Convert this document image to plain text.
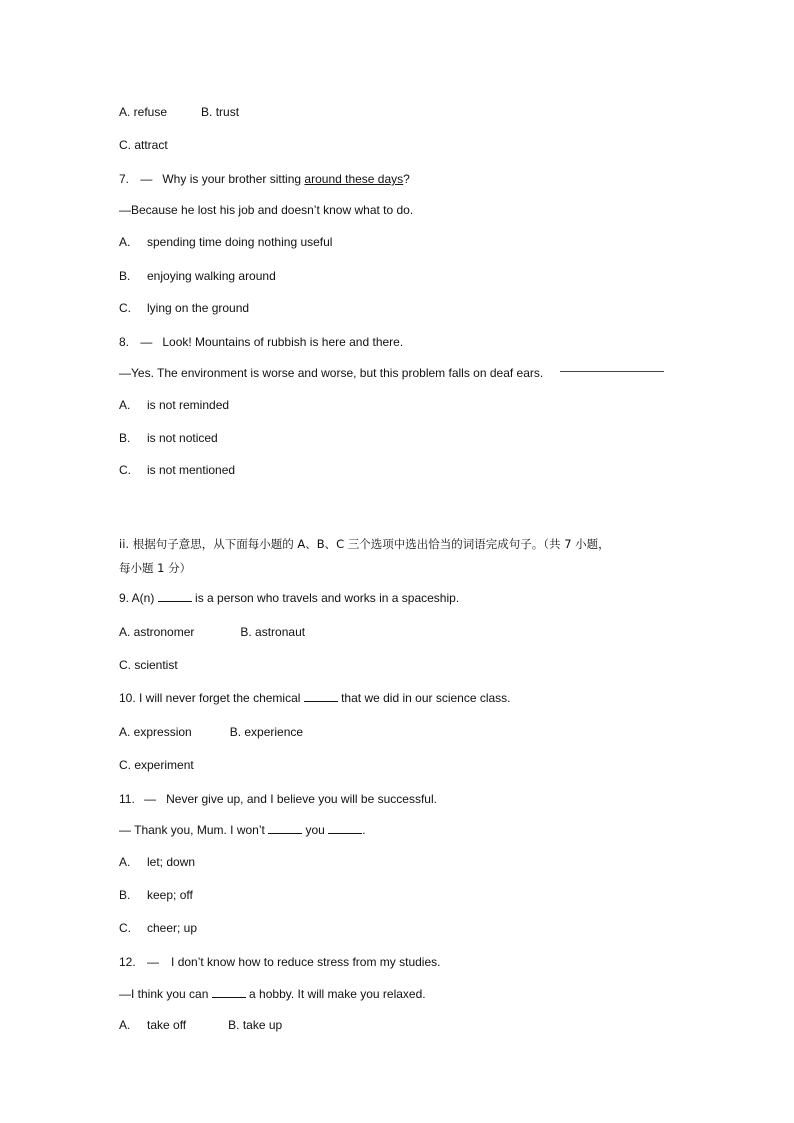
A. refuse	B. trust
C. attract
7. — Why is your brother sitting around these days?
—Because he lost his job and doesn’t know what to do.
A. spending time doing nothing useful
B. enjoying walking around
C. lying on the ground
8. — Look! Mountains of rubbish is here and there.
—Yes. The environment is worse and worse, but this problem falls on deaf ears.
A. is not reminded
B. is not noticed
C. is not mentioned
ii. 根据句子意思，从下面每小题的 A、B、C 三个选项中选出恰当的词语完成句子。（共 7 小题，
每小题 1 分）
9. A(n)	is a person who travels and works in a spaceship.
A. astronomer	B. astronaut
C. scientist
10. I will never forget the chemical	that we did in our science class.
A. expression	B. experience
C. experiment
11. — Never give up, and I believe you will be successful.
— Thank you, Mum. I won’t	you	.
A. let; down
B. keep; off
C. cheer; up
12. — I don’t know how to reduce stress from my studies.
—I think you can	a hobby. It will make you relaxed.
A. take off	B. take up
